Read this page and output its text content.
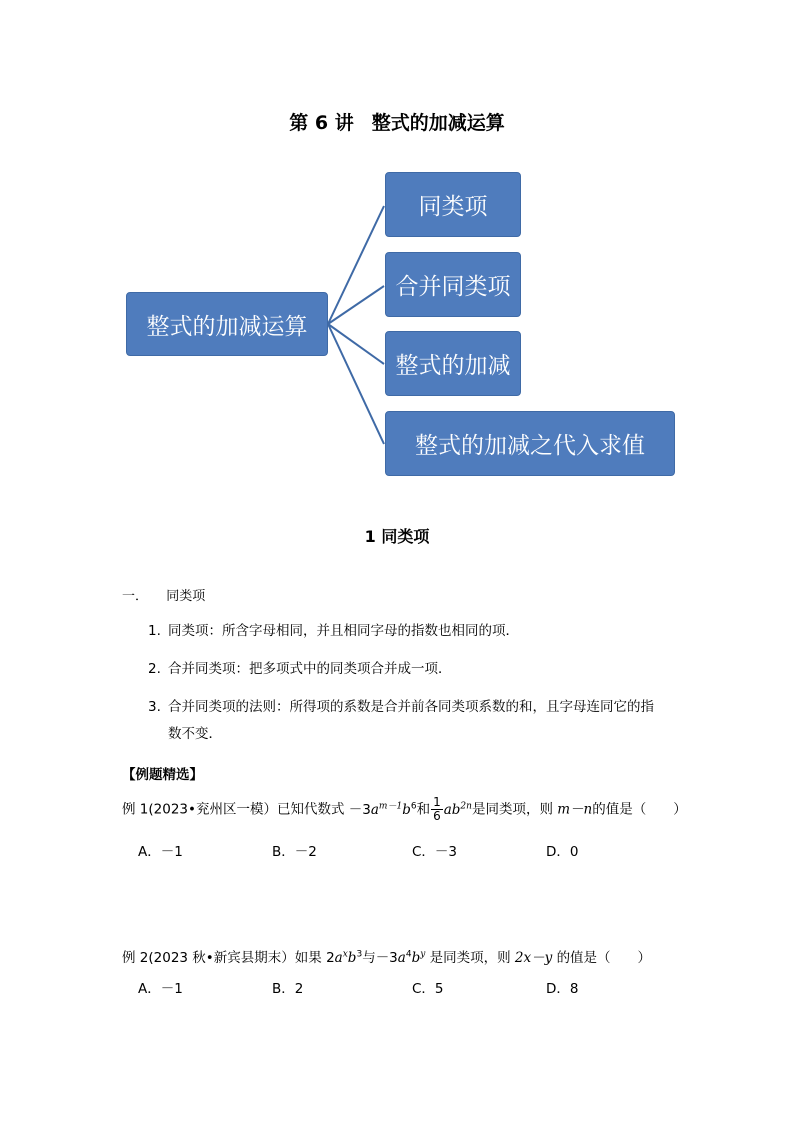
第 6 讲 整式的加减运算
整式的加减运算
同类项
合并同类项
整式的加减
整式的加减之代入求值
1 同类项
一． 同类项
1. 同类项：所含字母相同，并且相同字母的指数也相同的项．
2. 合并同类项：把多项式中的同类项合并成一项．
3. 合并同类项的法则：所得项的系数是合并前各同类项系数的和，且字母连同它的指
数不变．
【例题精选】
例 1(2023•兖州区一模）已知代数式 $-3a^{m-1}b^6$和 $\frac{1}{6} ab^{2n}$是同类项，则 m－n的值是（　　）
A．－1	B．－2	C．－3	D．0
例 2(2023 秋•新宾县期末）如果 $2a^xb^3$与$-3a^4b^y$ 是同类项，则 2x－y 的值是（　　）
A．－1	B．2	C．5	D．8
